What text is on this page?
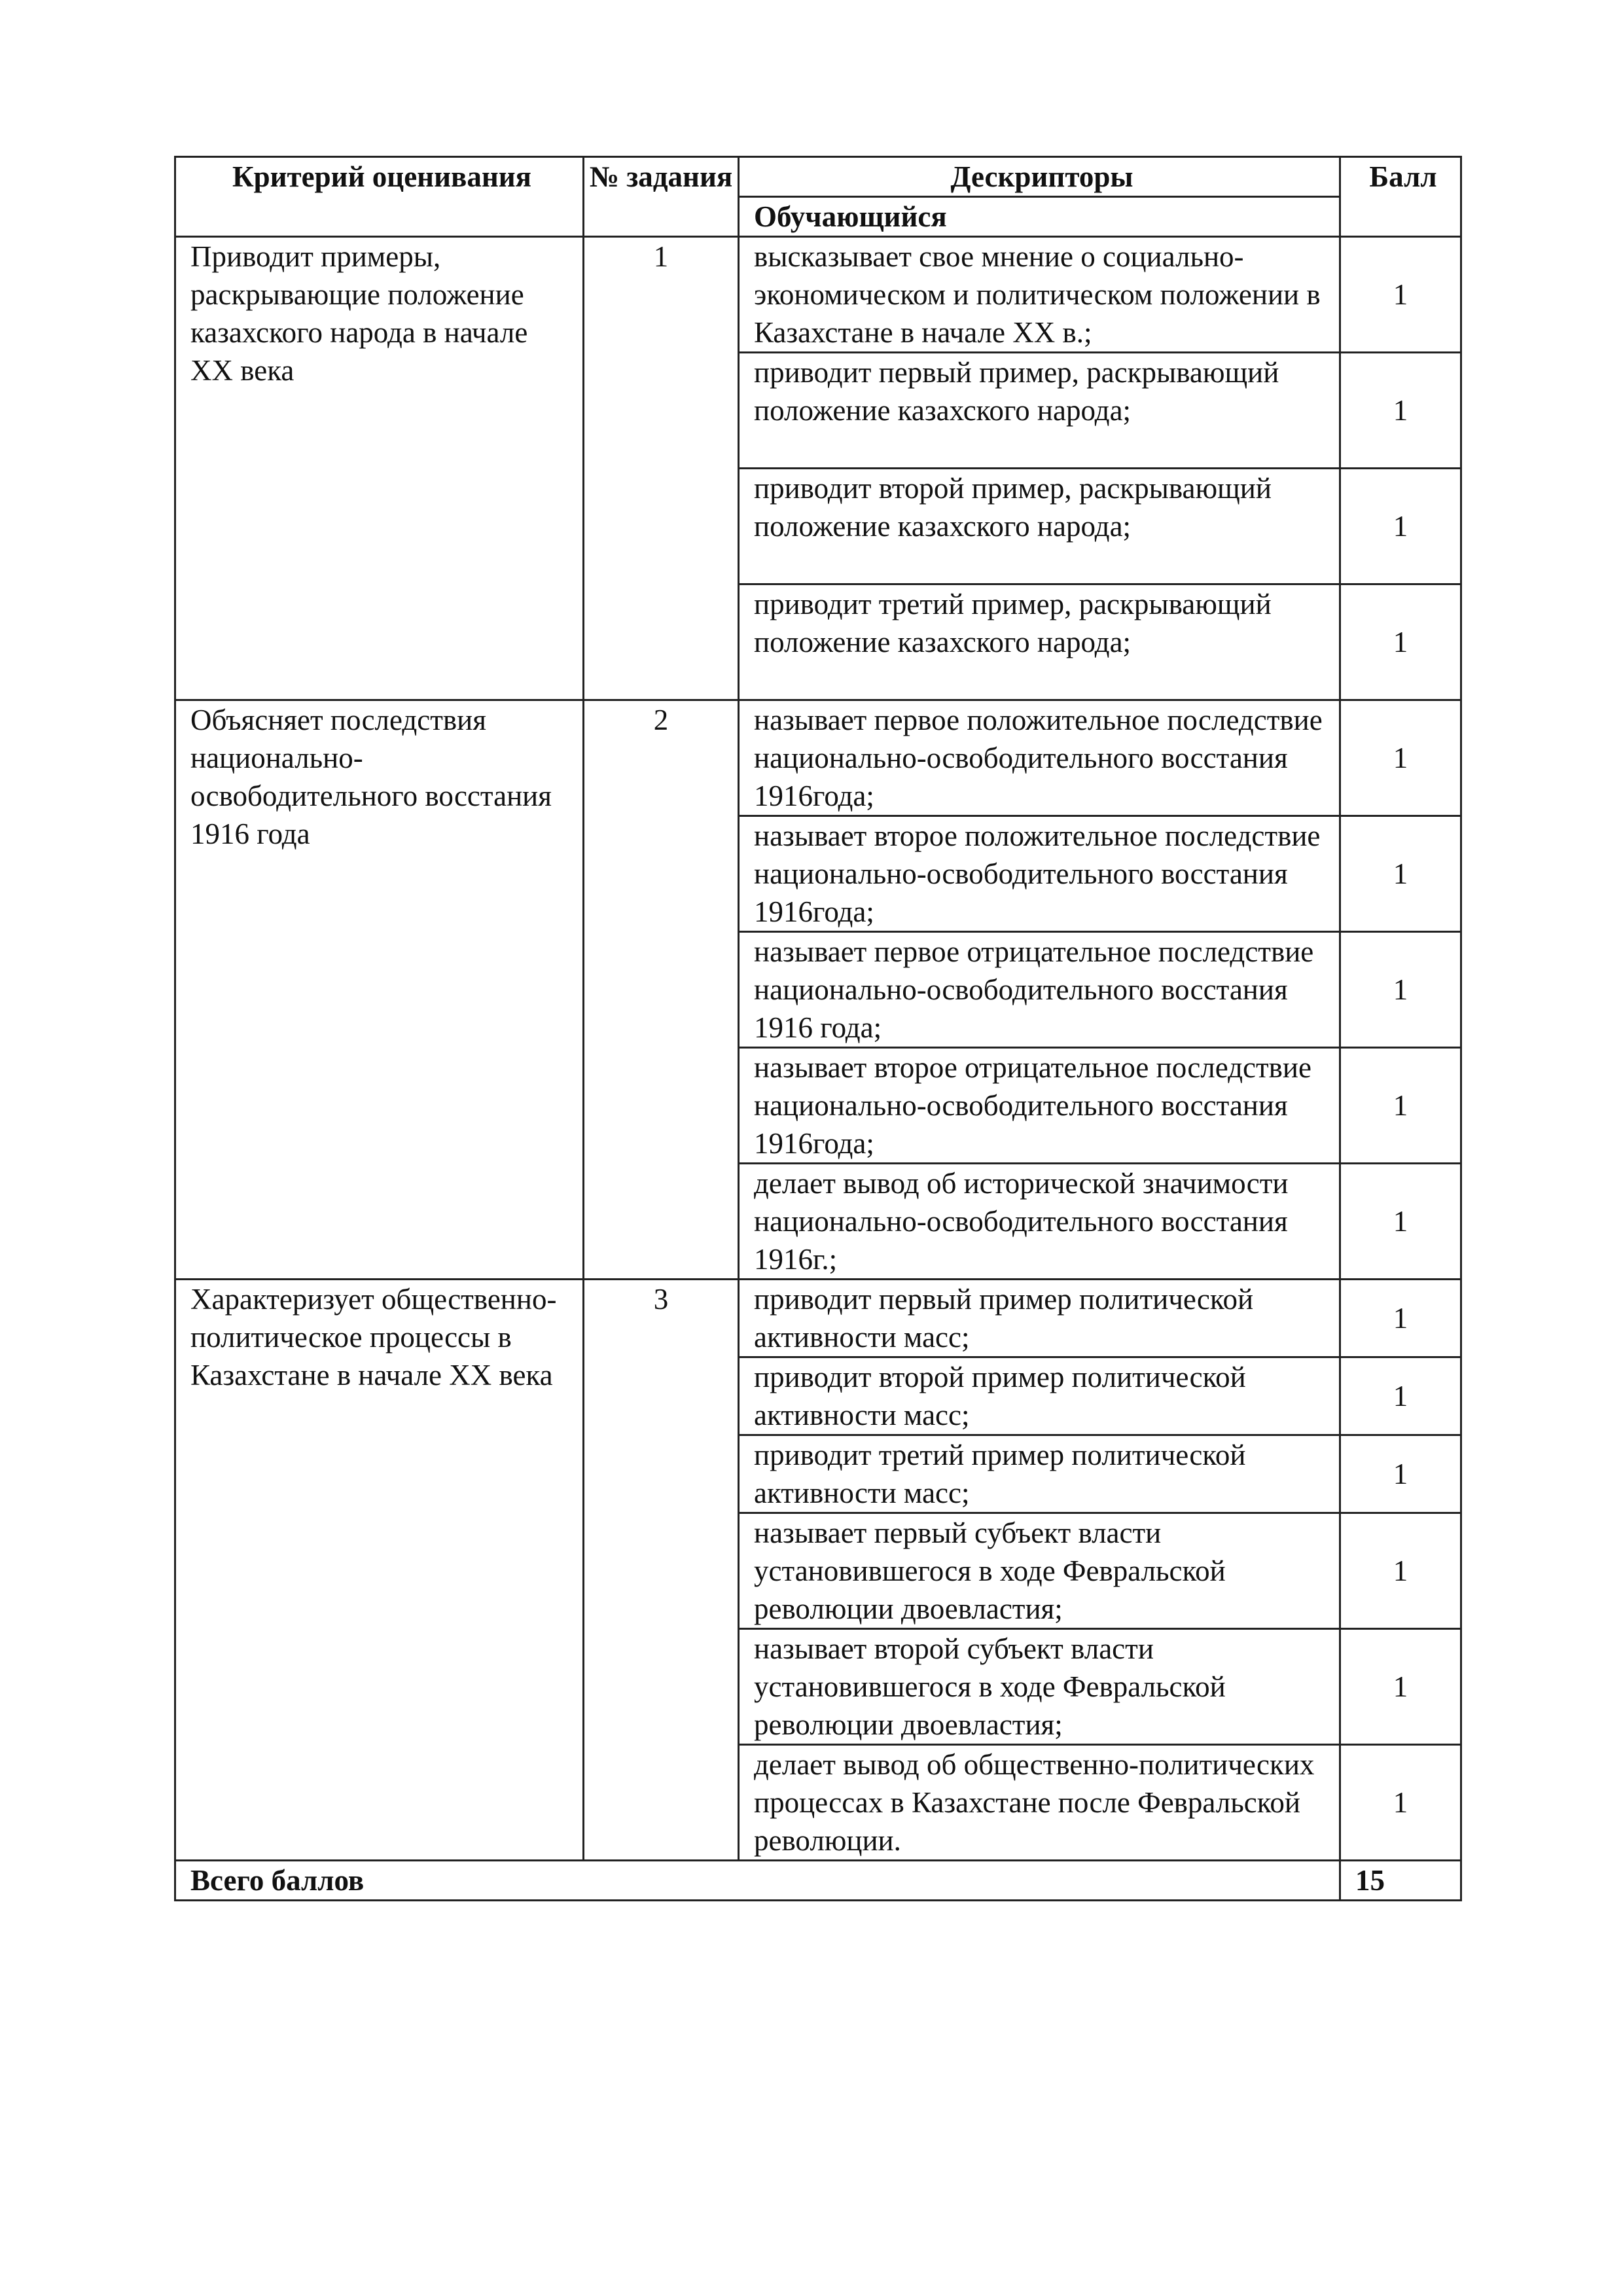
Критерий оценивания	№ задания	Дескрипторы	Балл
		Обучающийся	
Приводит примеры, раскрывающие положение казахского народа в начале ХХ века	1	высказывает свое мнение о социально-экономическом и политическом положении в Казахстане в начале ХХ в.;	1
		приводит первый пример, раскрывающий положение казахского народа;	1
		приводит второй пример, раскрывающий положение казахского народа;	1
		приводит третий пример, раскрывающий положение казахского народа;	1
Объясняет последствия национально-освободительного восстания 1916 года	2	называет первое положительное последствие национально-освободительного восстания 1916года;	1
		называет второе положительное последствие национально-освободительного восстания 1916года;	1
		называет первое отрицательное последствие национально-освободительного восстания 1916 года;	1
		называет второе отрицательное последствие национально-освободительного восстания 1916года;	1
		делает вывод об исторической значимости национально-освободительного восстания 1916г.;	1
Характеризует общественно-политическое процессы в Казахстане в начале ХХ века	3	приводит первый пример политической активности масс;	1
		приводит второй пример политической активности масс;	1
		приводит третий пример политической активности масс;	1
		называет первый субъект власти установившегося в ходе Февральской революции двоевластия;	1
		называет второй субъект власти установившегося в ходе Февральской революции двоевластия;	1
		делает вывод об общественно-политических процессах в Казахстане после Февральской революции.	1
Всего баллов			15
